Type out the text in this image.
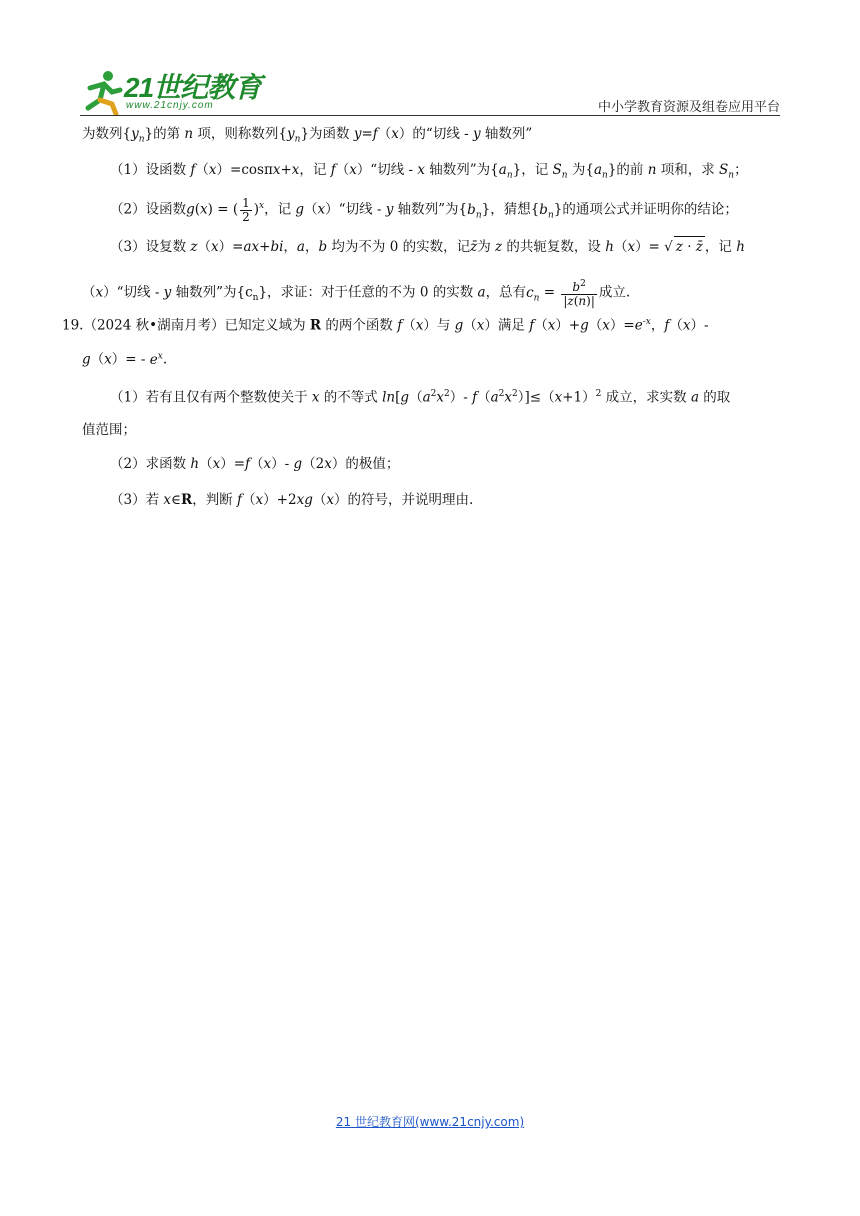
21世纪教育
www.21cnjy.com	中小学教育资源及组卷应用平台
为数列$\{y_n\}$的第 n 项，则称数列$\{y_n\}$为函数 y=f（x）的“切线 - y 轴数列”
（1）设函数 f（x）=cosπx+x，记 f（x）“切线 - x 轴数列”为$\{a_n\}$，记 $S_n$ 为$\{a_n\}$的前 n 项和，求 $S_n$；
（2）设函数g(x) = ( $\frac{1}{2} )^x$，记 g（x）“切线 - y 轴数列”为$\{b_n\}$，猜想$\{b_n\}$的通项公式并证明你的结论；
（3）设复数 z（x）=ax+bi，a，b 均为不为 0 的实数，记z̄为 z 的共轭复数，设 h（x）= √ z · z̄ ，记 h
（x）“切线 - y 轴数列”为$\{c_n\}$，求证：对于任意的不为 0 的实数 a，总有$c_n = \frac{b^2}{|z(n)|}$ 成立.
19.（2024 秋•湖南月考）已知定义域为 R 的两个函数 f（x）与 g（x）满足 $f(x)+g(x)=e^{-x}$，f（x）-
$g(x)= - e^x$.
（1）若有且仅有两个整数使关于 x 的不等式 $\ln[g(a^2x^2)-$ $f(a^2x^2)]\le(x+1)^2$ 成立，求实数 a 的取
值范围；
（2）求函数 h（x）=f（x）- g（2x）的极值；
（3）若 x∈R，判断 f（x）+2xg（x）的符号，并说明理由.
21 世纪教育网(www.21cnjy.com)
